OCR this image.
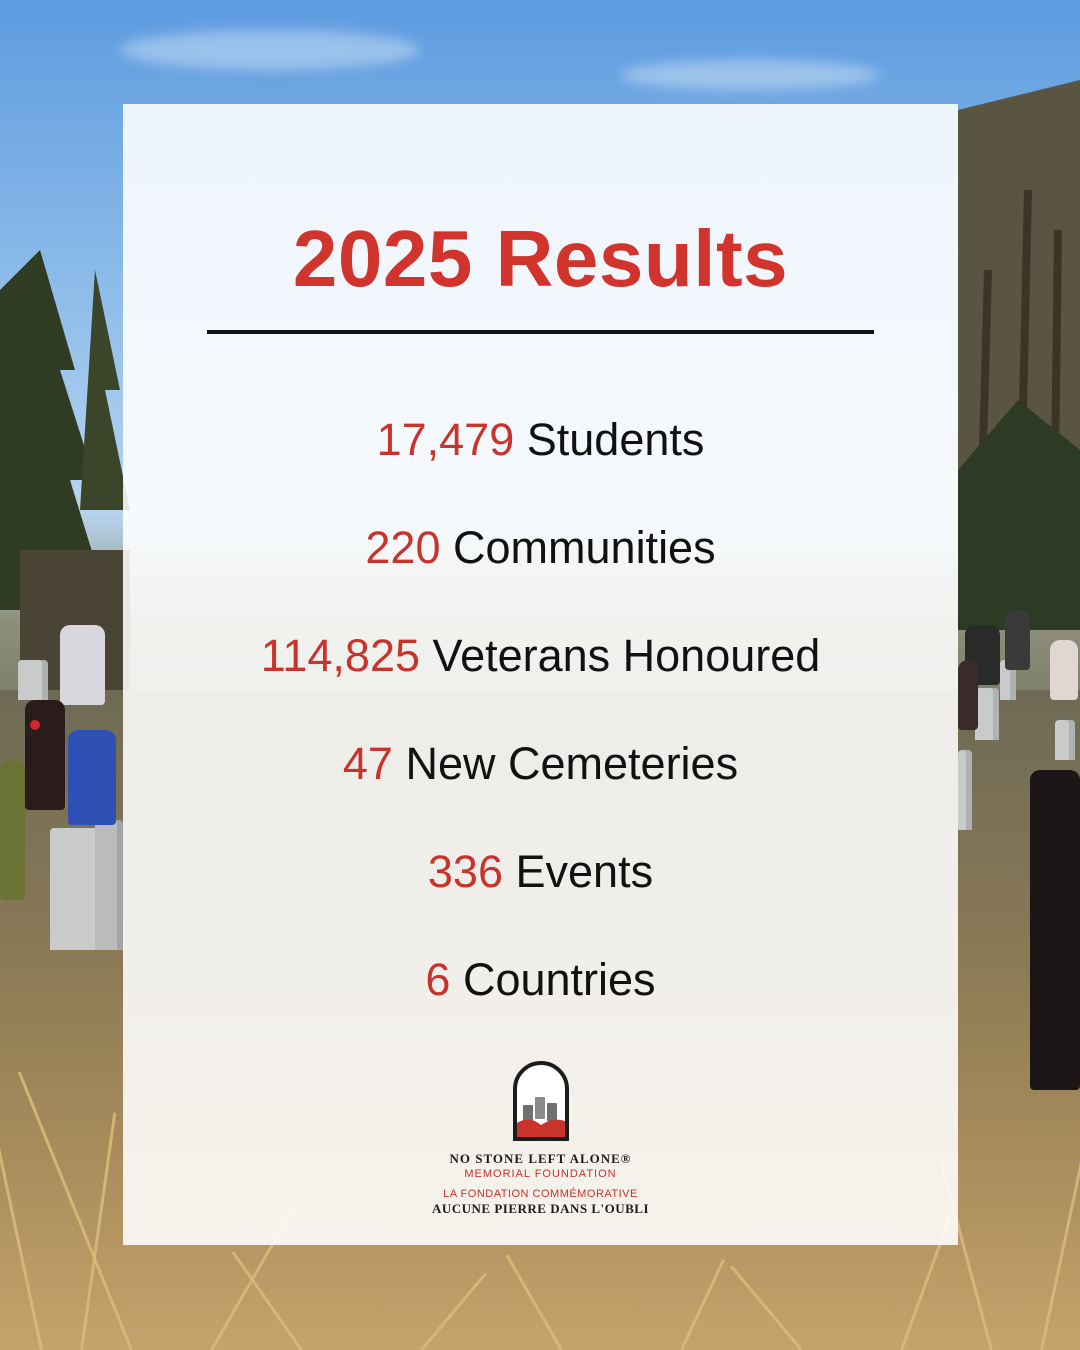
2025 Results
17,479 Students
220 Communities
114,825 Veterans Honoured
47 New Cemeteries
336 Events
6 Countries
NO STONE LEFT ALONE®
MEMORIAL FOUNDATION
LA FONDATION COMMÉMORATIVE
AUCUNE PIERRE DANS L'OUBLI
